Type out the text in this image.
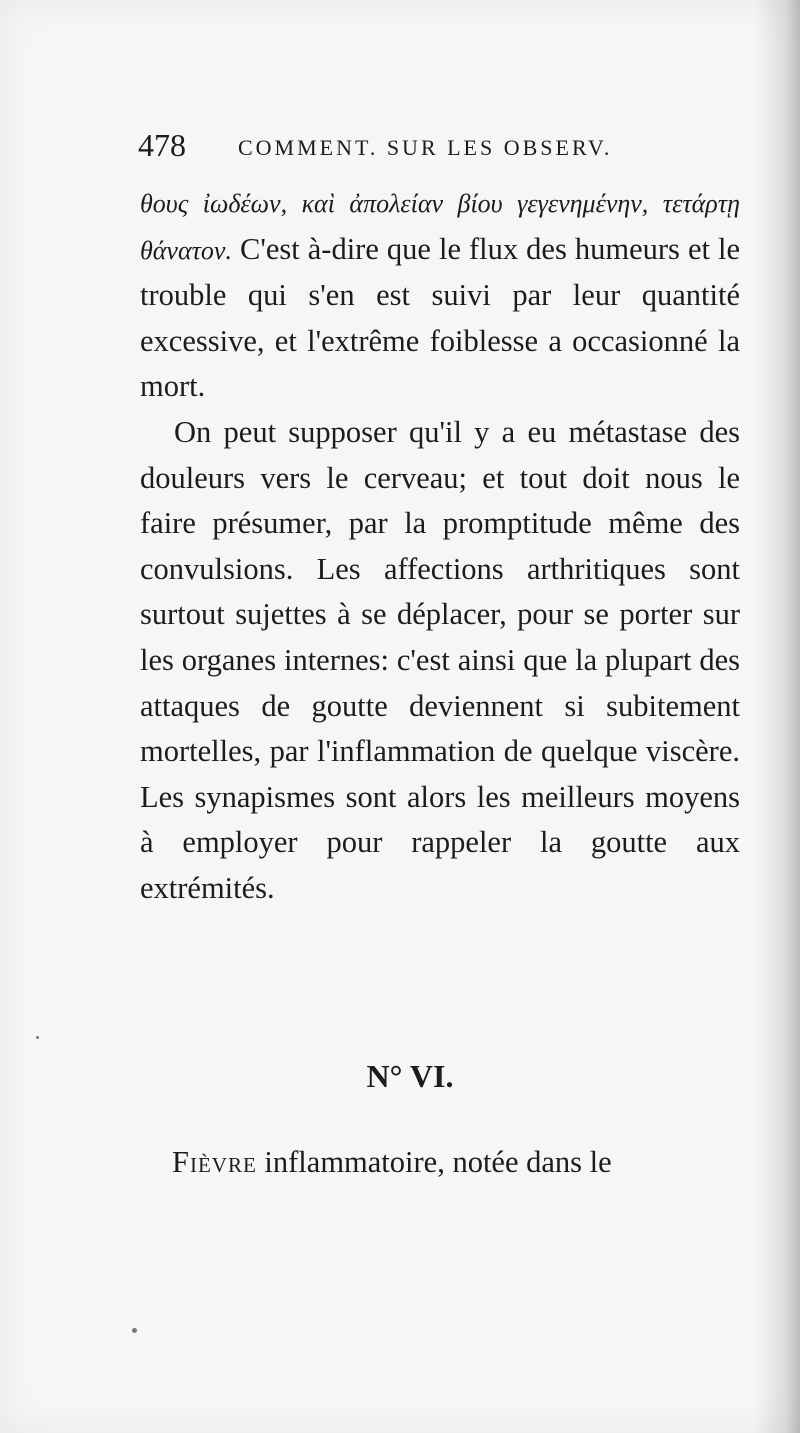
478 COMMENT. SUR LES OBSERV.

θους ἰωδέων, καὶ ἀπολείαν βίου γεγενημένην, τετάρτῃ θάνατον. C'est à-dire que le flux des humeurs et le trouble qui s'en est suivi par leur quantité excessive, et l'extrême foiblesse a occasionné la mort.

On peut supposer qu'il y a eu métastase des douleurs vers le cerveau; et tout doit nous le faire présumer, par la promptitude même des convulsions. Les affections arthritiques sont surtout sujettes à se déplacer, pour se porter sur les organes internes: c'est ainsi que la plupart des attaques de goutte deviennent si subitement mortelles, par l'inflammation de quelque viscère. Les synapismes sont alors les meilleurs moyens à employer pour rappeler la goutte aux extrémités.

N° VI.
Fièvre inflammatoire, notée dans le
